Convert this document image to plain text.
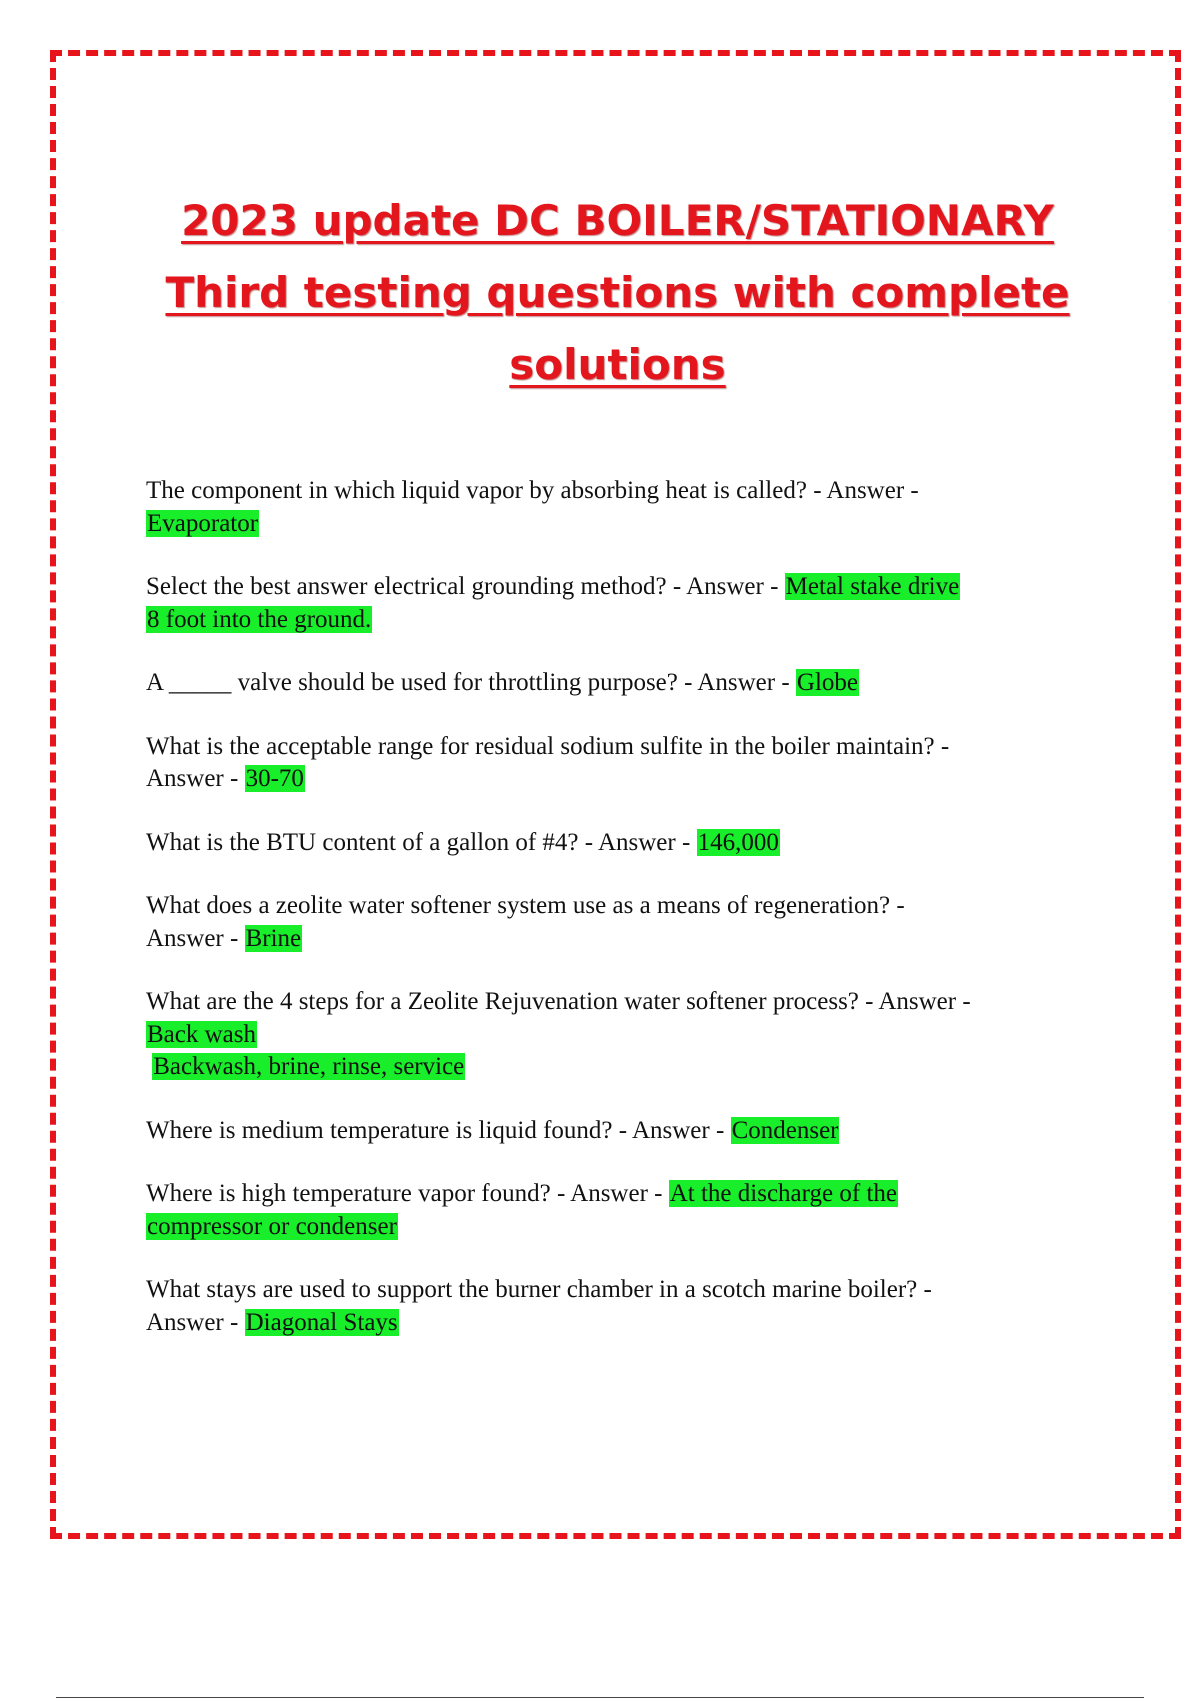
2023 update DC BOILER/STATIONARY
Third testing questions with complete
solutions
The component in which liquid vapor by absorbing heat is called? - Answer -
Evaporator
Select the best answer electrical grounding method? - Answer - Metal stake drive
8 foot into the ground.
A _____ valve should be used for throttling purpose? - Answer - Globe
What is the acceptable range for residual sodium sulfite in the boiler maintain? -
Answer - 30-70
What is the BTU content of a gallon of #4? - Answer - 146,000
What does a zeolite water softener system use as a means of regeneration? -
Answer - Brine
What are the 4 steps for a Zeolite Rejuvenation water softener process? - Answer -
Back wash
Backwash, brine, rinse, service
Where is medium temperature is liquid found? - Answer - Condenser
Where is high temperature vapor found? - Answer - At the discharge of the
compressor or condenser
What stays are used to support the burner chamber in a scotch marine boiler? -
Answer - Diagonal Stays
